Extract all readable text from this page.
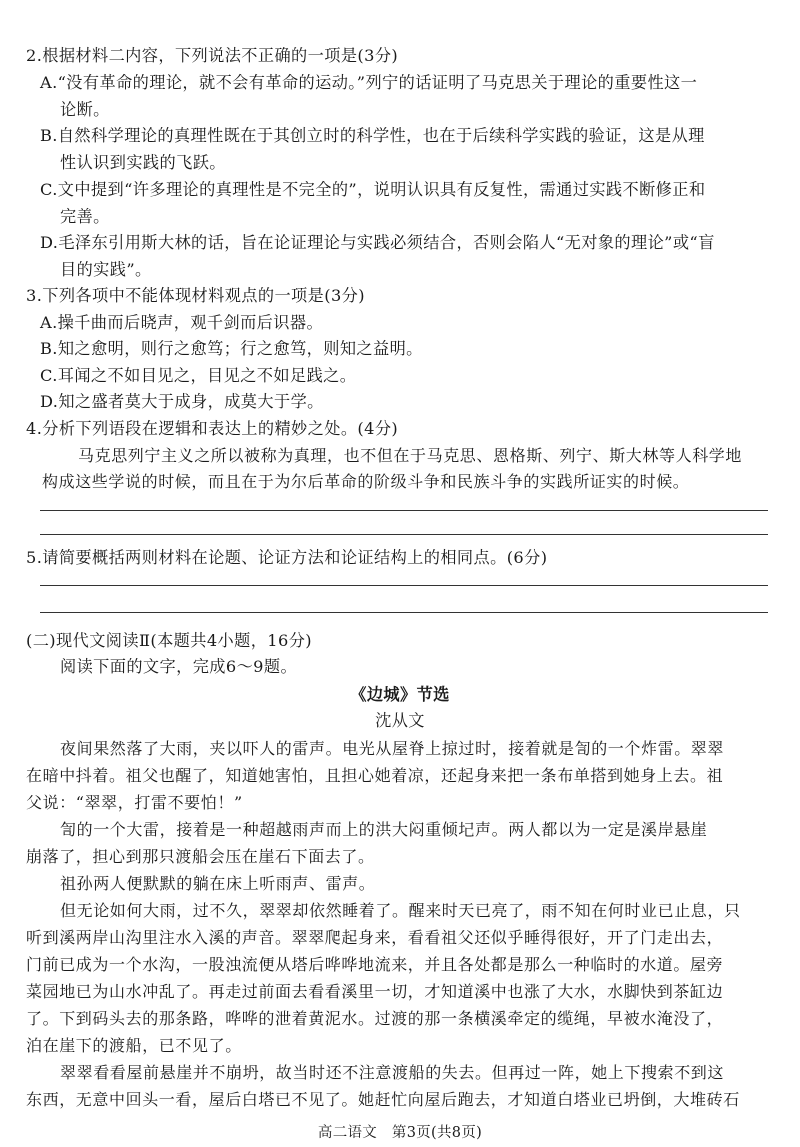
2.根据材料二内容，下列说法不正确的一项是(3分)
A.“没有革命的理论，就不会有革命的运动。”列宁的话证明了马克思关于理论的重要性这一
论断。
B.自然科学理论的真理性既在于其创立时的科学性，也在于后续科学实践的验证，这是从理
性认识到实践的飞跃。
C.文中提到“许多理论的真理性是不完全的”，说明认识具有反复性，需通过实践不断修正和
完善。
D.毛泽东引用斯大林的话，旨在论证理论与实践必须结合，否则会陷人“无对象的理论”或“盲
目的实践”。
3.下列各项中不能体现材料观点的一项是(3分)
A.操千曲而后晓声，观千剑而后识器。
B.知之愈明，则行之愈笃；行之愈笃，则知之益明。
C.耳闻之不如目见之，目见之不如足践之。
D.知之盛者莫大于成身，成莫大于学。
4.分析下列语段在逻辑和表达上的精妙之处。(4分)
马克思列宁主义之所以被称为真理，也不但在于马克思、恩格斯、列宁、斯大林等人科学地
构成这些学说的时候，而且在于为尔后革命的阶级斗争和民族斗争的实践所证实的时候。
5.请简要概括两则材料在论题、论证方法和论证结构上的相同点。(6分)
(二)现代文阅读Ⅱ(本题共4小题，16分)
阅读下面的文字，完成6～9题。
《边城》节选
沈从文
夜间果然落了大雨，夹以吓人的雷声。电光从屋脊上掠过时，接着就是訇的一个炸雷。翠翠
在暗中抖着。祖父也醒了，知道她害怕，且担心她着凉，还起身来把一条布单搭到她身上去。祖
父说：“翠翠，打雷不要怕！”
訇的一个大雷，接着是一种超越雨声而上的洪大闷重倾圮声。两人都以为一定是溪岸悬崖
崩落了，担心到那只渡船会压在崖石下面去了。
祖孙两人便默默的躺在床上听雨声、雷声。
但无论如何大雨，过不久，翠翠却依然睡着了。醒来时天已亮了，雨不知在何时业已止息，只
听到溪两岸山沟里注水入溪的声音。翠翠爬起身来，看看祖父还似乎睡得很好，开了门走出去，
门前已成为一个水沟，一股浊流便从塔后哗哗地流来，并且各处都是那么一种临时的水道。屋旁
菜园地已为山水冲乱了。再走过前面去看看溪里一切，才知道溪中也涨了大水，水脚快到茶缸边
了。下到码头去的那条路，哗哗的泄着黄泥水。过渡的那一条横溪牵定的缆绳，早被水淹没了，
泊在崖下的渡船，已不见了。
翠翠看看屋前悬崖并不崩坍，故当时还不注意渡船的失去。但再过一阵，她上下搜索不到这
东西，无意中回头一看，屋后白塔已不见了。她赶忙向屋后跑去，才知道白塔业已坍倒，大堆砖石
高二语文　第3页(共8页)
